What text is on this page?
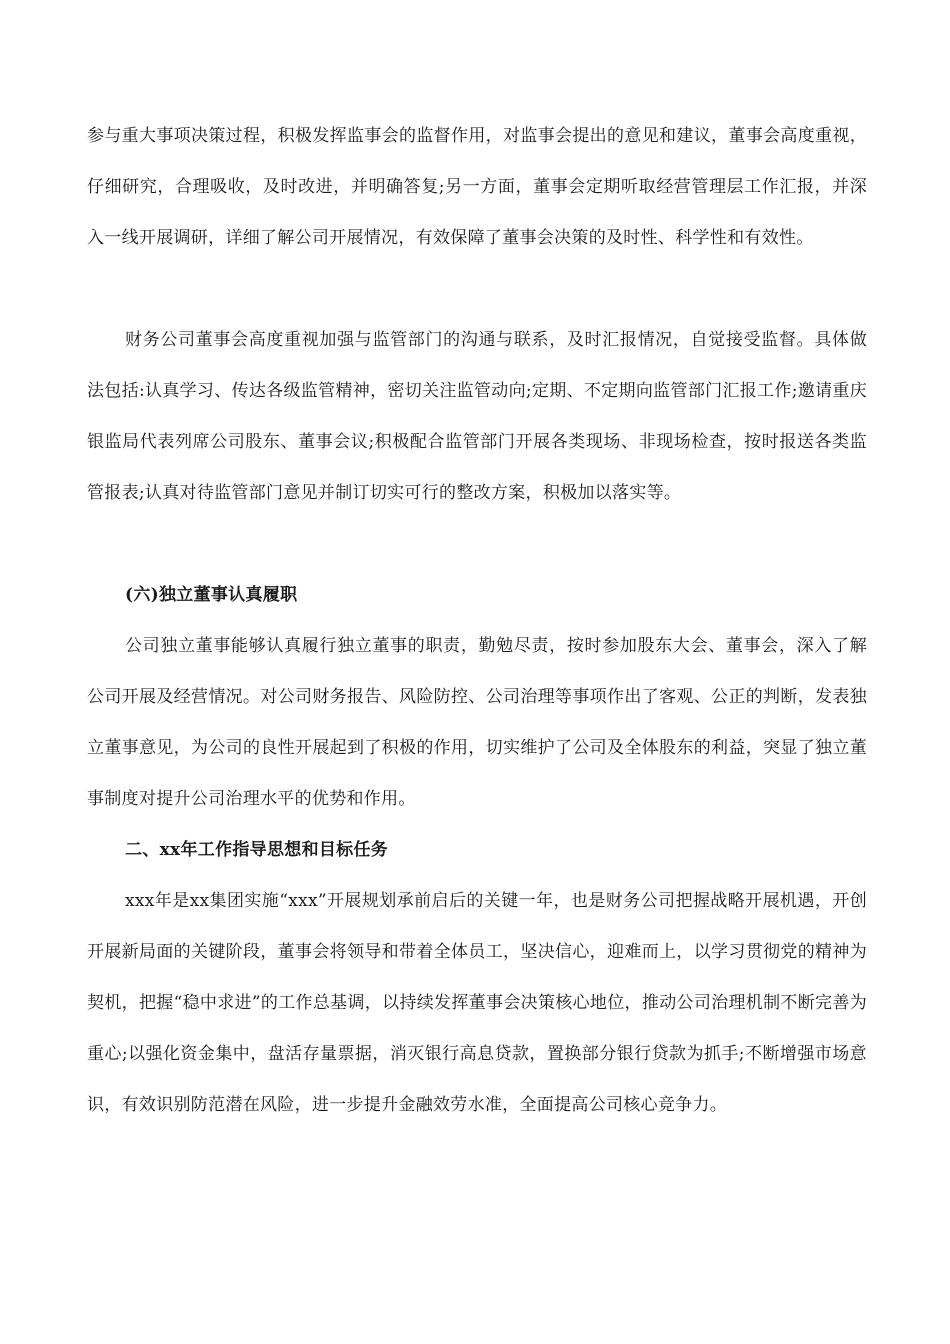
参与重大事项决策过程，积极发挥监事会的监督作用，对监事会提出的意见和建议，董事会高度重视，仔细研究，合理吸收，及时改进，并明确答复;另一方面，董事会定期听取经营管理层工作汇报，并深入一线开展调研，详细了解公司开展情况，有效保障了董事会决策的及时性、科学性和有效性。

财务公司董事会高度重视加强与监管部门的沟通与联系，及时汇报情况，自觉接受监督。具体做法包括:认真学习、传达各级监管精神，密切关注监管动向;定期、不定期向监管部门汇报工作;邀请重庆银监局代表列席公司股东、董事会议;积极配合监管部门开展各类现场、非现场检查，按时报送各类监管报表;认真对待监管部门意见并制订切实可行的整改方案，积极加以落实等。

(六)独立董事认真履职

公司独立董事能够认真履行独立董事的职责，勤勉尽责，按时参加股东大会、董事会，深入了解公司开展及经营情况。对公司财务报告、风险防控、公司治理等事项作出了客观、公正的判断，发表独立董事意见，为公司的良性开展起到了积极的作用，切实维护了公司及全体股东的利益，突显了独立董事制度对提升公司治理水平的优势和作用。

二、xx年工作指导思想和目标任务

xxx年是xx集团实施“xxx”开展规划承前启后的关键一年，也是财务公司把握战略开展机遇，开创开展新局面的关键阶段，董事会将领导和带着全体员工，坚决信心，迎难而上，以学习贯彻党的精神为契机，把握“稳中求进”的工作总基调，以持续发挥董事会决策核心地位，推动公司治理机制不断完善为重心;以强化资金集中，盘活存量票据，消灭银行高息贷款，置换部分银行贷款为抓手;不断增强市场意识，有效识别防范潜在风险，进一步提升金融效劳水准，全面提高公司核心竞争力。
